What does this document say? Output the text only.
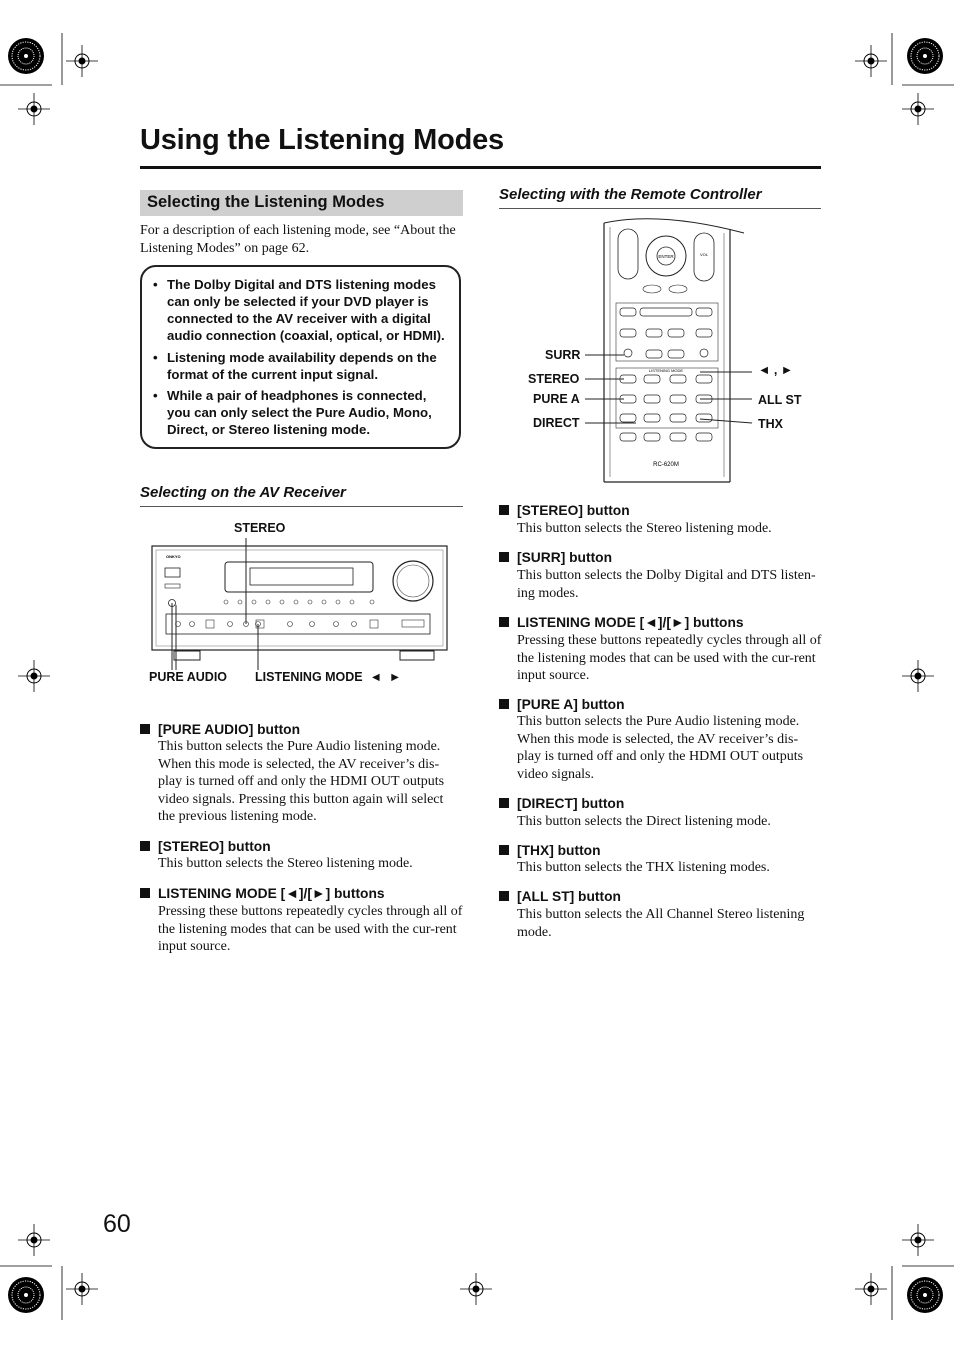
Using the Listening Modes
Selecting the Listening Modes
For a description of each listening mode, see “About the Listening Modes” on page 62.
• The Dolby Digital and DTS listening modes can only be selected if your DVD player is connected to the AV receiver with a digital audio connection (coaxial, optical, or HDMI).
• Listening mode availability depends on the format of the current input signal.
• While a pair of headphones is connected, you can only select the Pure Audio, Mono, Direct, or Stereo listening mode.
Selecting on the AV Receiver
ONKYO
STEREO
PURE AUDIO LISTENING MODE  ◄  ►
[PURE AUDIO] button
This button selects the Pure Audio listening mode. When this mode is selected, the AV receiver’s dis-play is turned off and only the HDMI OUT outputs video signals. Pressing this button again will select the previous listening mode.
[STEREO] button
This button selects the Stereo listening mode.
LISTENING MODE [◄]/[►] buttons
Pressing these buttons repeatedly cycles through all of the listening modes that can be used with the cur-rent input source.
Selecting with the Remote Controller
ENTER	VOL
LISTENING MODE
RC-620M
SURR
STEREO
PURE A
DIRECT
◄ , ►
ALL ST
THX
[STEREO] button
This button selects the Stereo listening mode.
[SURR] button
This button selects the Dolby Digital and DTS listen-ing modes.
LISTENING MODE [◄]/[►] buttons
Pressing these buttons repeatedly cycles through all of the listening modes that can be used with the cur-rent input source.
[PURE A] button
This button selects the Pure Audio listening mode. When this mode is selected, the AV receiver’s dis-play is turned off and only the HDMI OUT outputs video signals.
[DIRECT] button
This button selects the Direct listening mode.
[THX] button
This button selects the THX listening modes.
[ALL ST] button
This button selects the All Channel Stereo listening mode.
60
